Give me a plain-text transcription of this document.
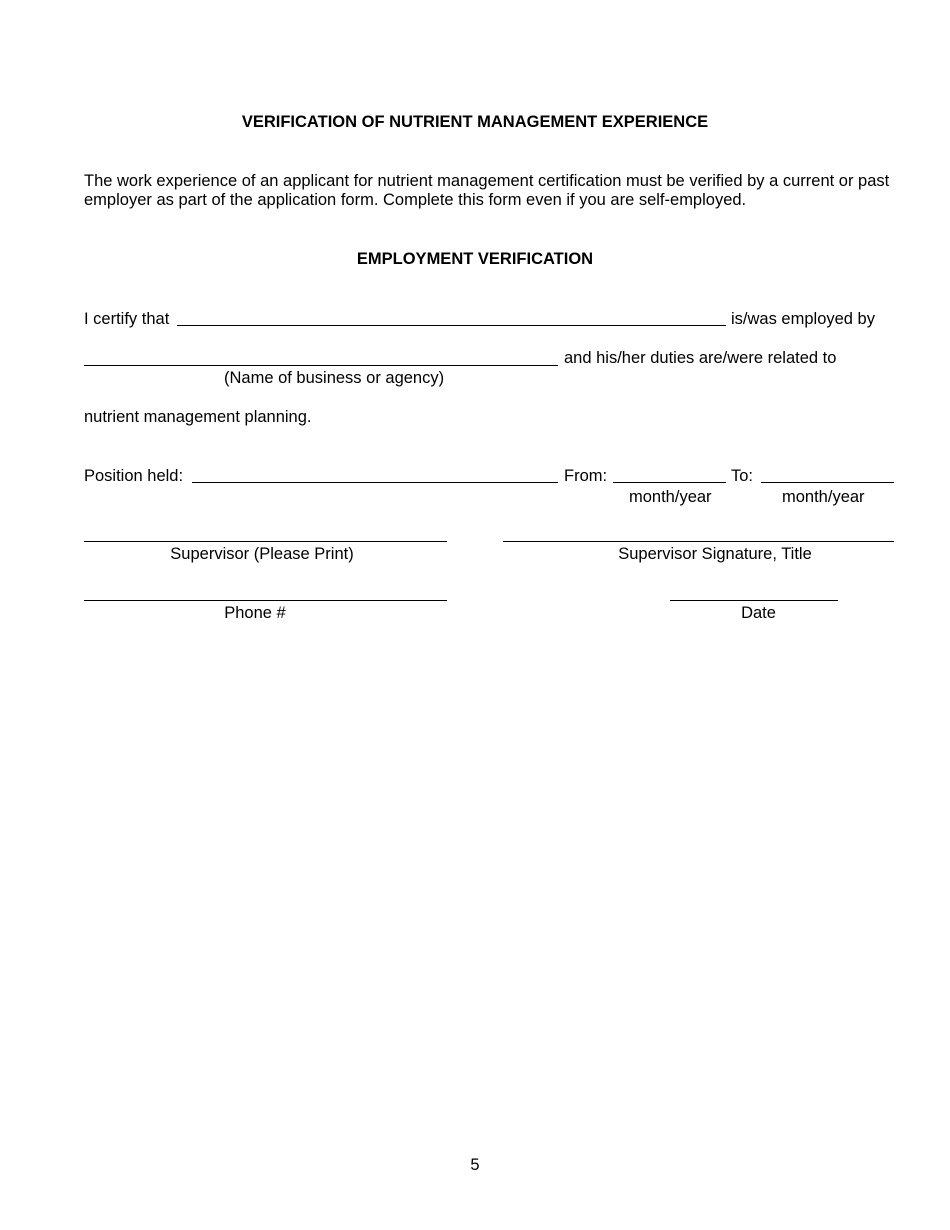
VERIFICATION OF NUTRIENT MANAGEMENT EXPERIENCE
The work experience of an applicant for nutrient management certification must be verified by a current or past employer as part of the application form. Complete this form even if you are self-employed.
EMPLOYMENT VERIFICATION
I certify that	is/was employed by
and his/her duties are/were related to
(Name of business or agency)
nutrient management planning.
Position held:	From:	To:
month/year	month/year
Supervisor (Please Print)	Supervisor Signature, Title
Phone #	Date
5
